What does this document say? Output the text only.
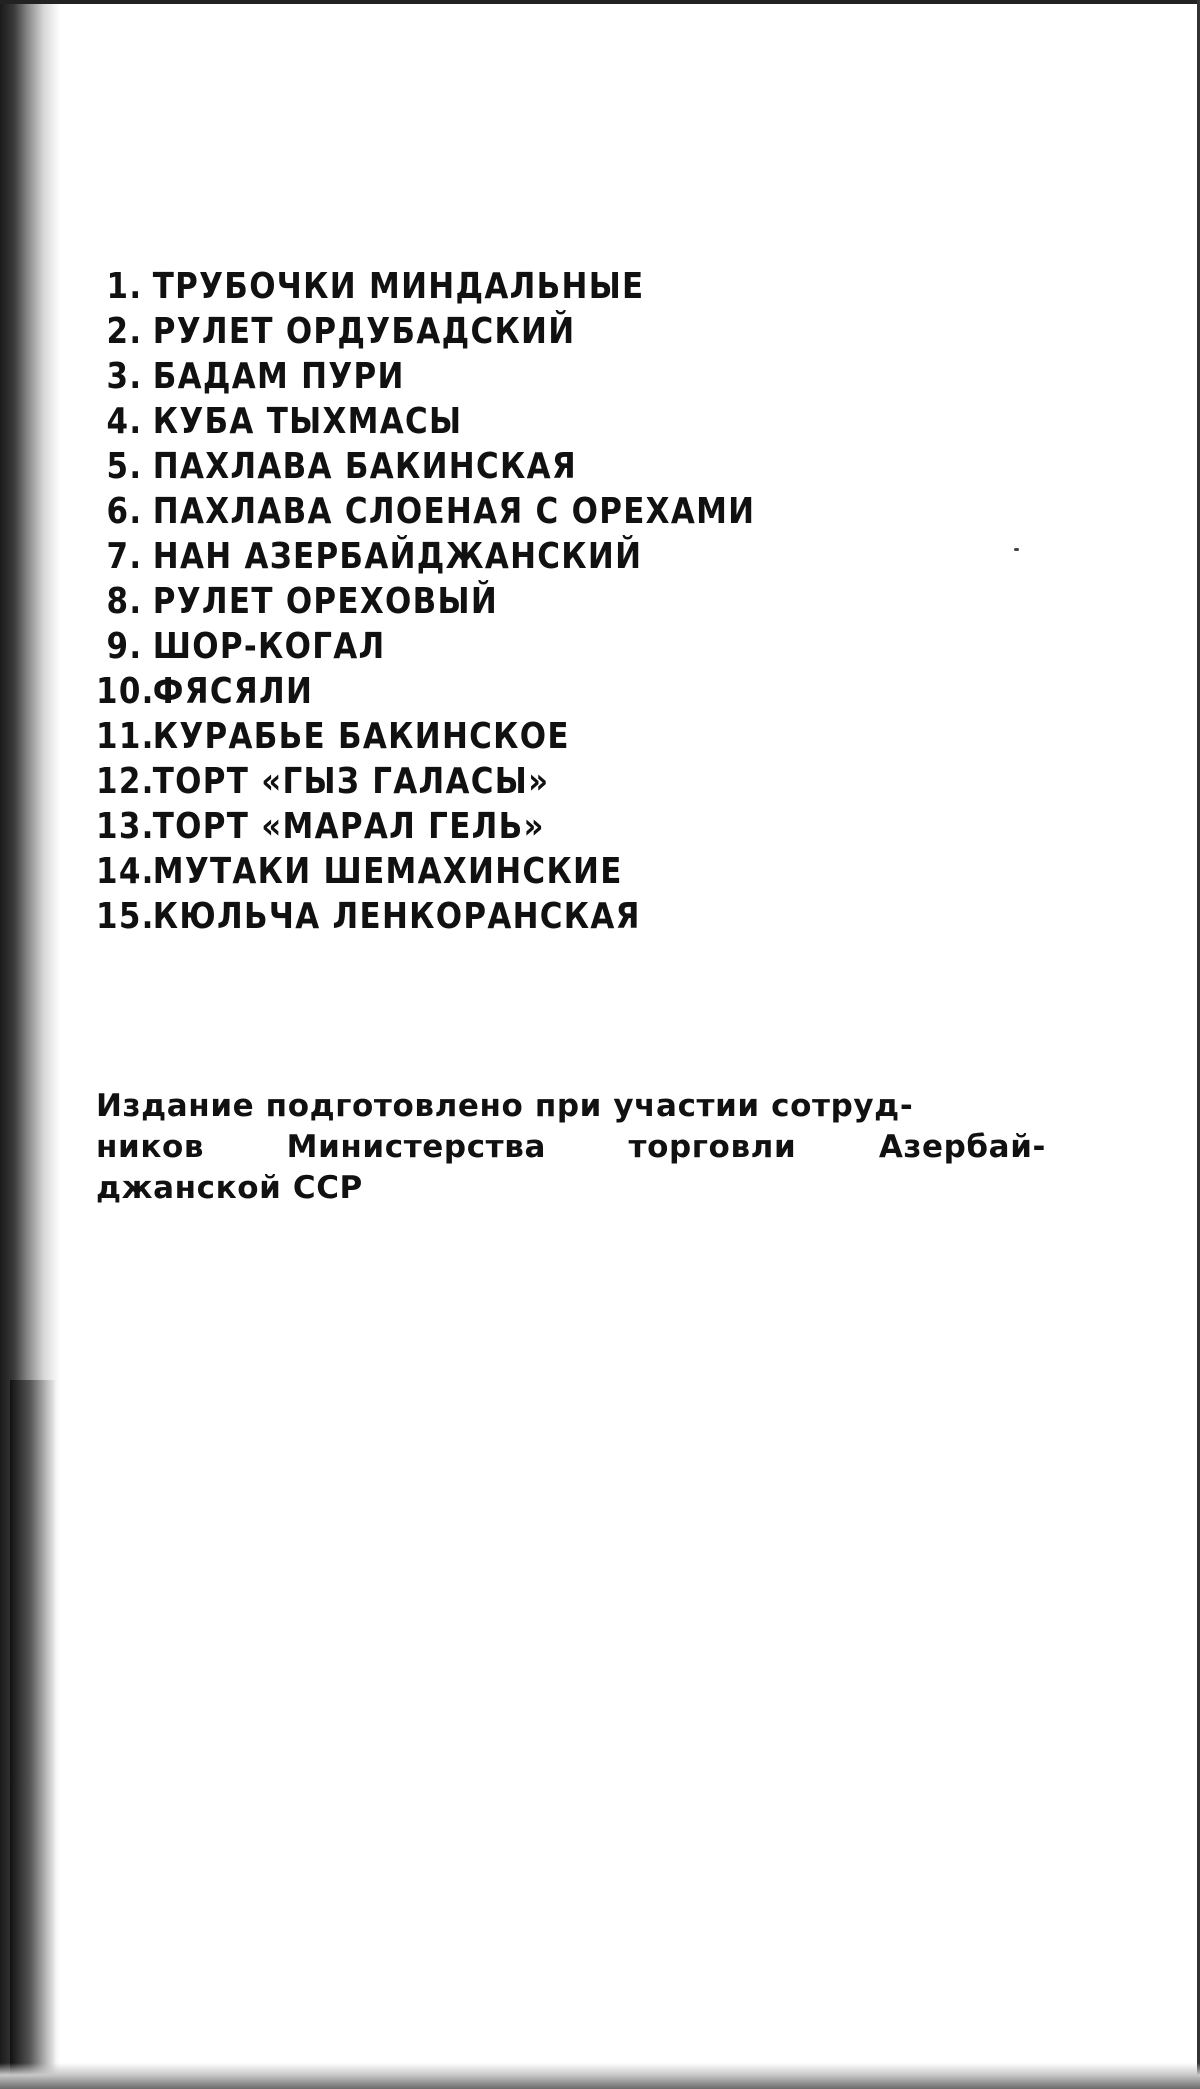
1. ТРУБОЧКИ МИНДАЛЬНЫЕ
2. РУЛЕТ ОРДУБАДСКИЙ
3. БАДАМ ПУРИ
4. КУБА ТЫХМАСЫ
5. ПАХЛАВА БАКИНСКАЯ
6. ПАХЛАВА СЛОЕНАЯ С ОРЕХАМИ
7. НАН АЗЕРБАЙДЖАНСКИЙ
8. РУЛЕТ ОРЕХОВЫЙ
9. ШОР-КОГАЛ
10.
ФЯСЯЛИ
11.
КУРАБЬЕ БАКИНСКОЕ
12.
ТОРТ «ГЫЗ ГАЛАСЫ»
13.
ТОРТ «МАРАЛ ГЕЛЬ»
14.
МУТАКИ ШЕМАХИНСКИЕ
15.
КЮЛЬЧА ЛЕНКОРАНСКАЯ
Издание подготовлено при участии сотруд-
ников	Министерства	торговли	Азербай-
джанской ССР
